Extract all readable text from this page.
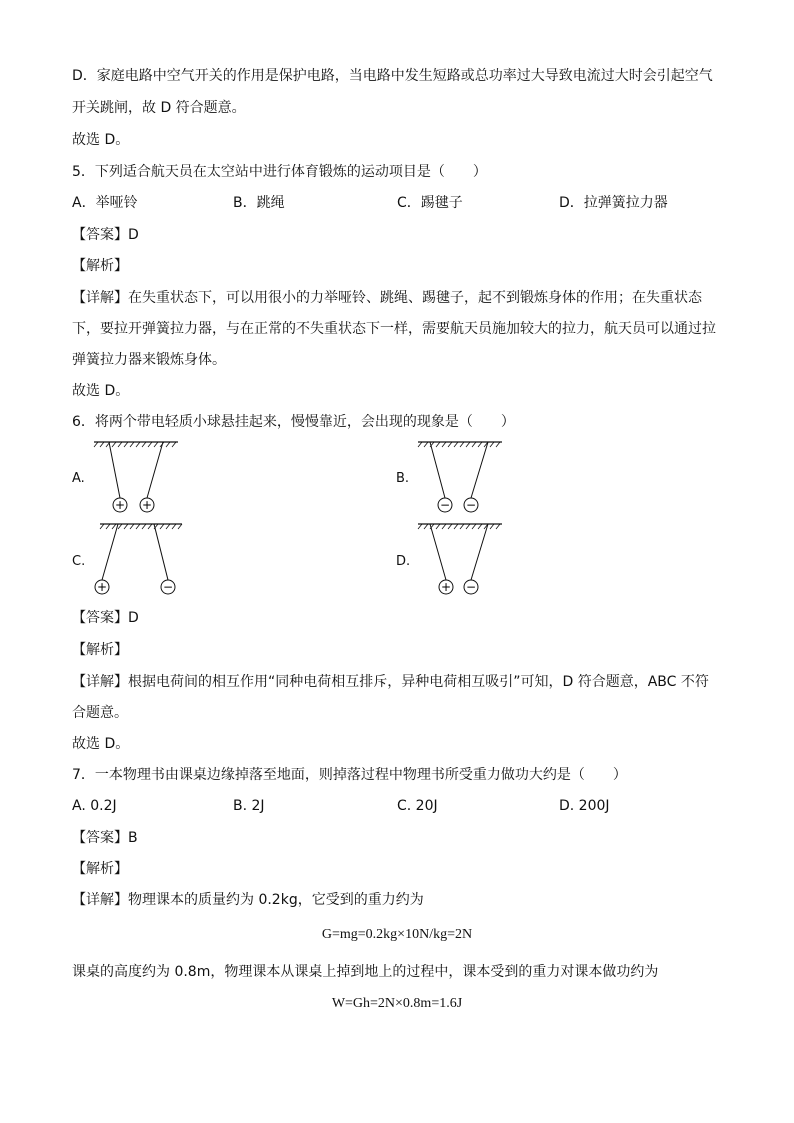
D．家庭电路中空气开关的作用是保护电路，当电路中发生短路或总功率过大导致电流过大时会引起空气
开关跳闸，故 D 符合题意。
故选 D。
5．下列适合航天员在太空站中进行体育锻炼的运动项目是（　　）
A．举哑铃	B．跳绳	C．踢毽子	D．拉弹簧拉力器
【答案】D
【解析】
【详解】在失重状态下，可以用很小的力举哑铃、跳绳、踢毽子，起不到锻炼身体的作用；在失重状态
下，要拉开弹簧拉力器，与在正常的不失重状态下一样，需要航天员施加较大的拉力，航天员可以通过拉
弹簧拉力器来锻炼身体。
故选 D。
6．将两个带电轻质小球悬挂起来，慢慢靠近，会出现的现象是（　　）
A.
+ +
B.
− −
C.
+	−
D.
+ −
【答案】D
【解析】
【详解】根据电荷间的相互作用“同种电荷相互排斥，异种电荷相互吸引”可知，D 符合题意，ABC 不符
合题意。
故选 D。
7．一本物理书由课桌边缘掉落至地面，则掉落过程中物理书所受重力做功大约是（　　）
A. 0.2J	B. 2J	C. 20J	D. 200J
【答案】B
【解析】
【详解】物理课本的质量约为 0.2kg，它受到的重力约为
G=mg=0.2kg×10N/kg=2N
课桌的高度约为 0.8m，物理课本从课桌上掉到地上的过程中，课本受到的重力对课本做功约为
W=Gh=2N×0.8m=1.6J
